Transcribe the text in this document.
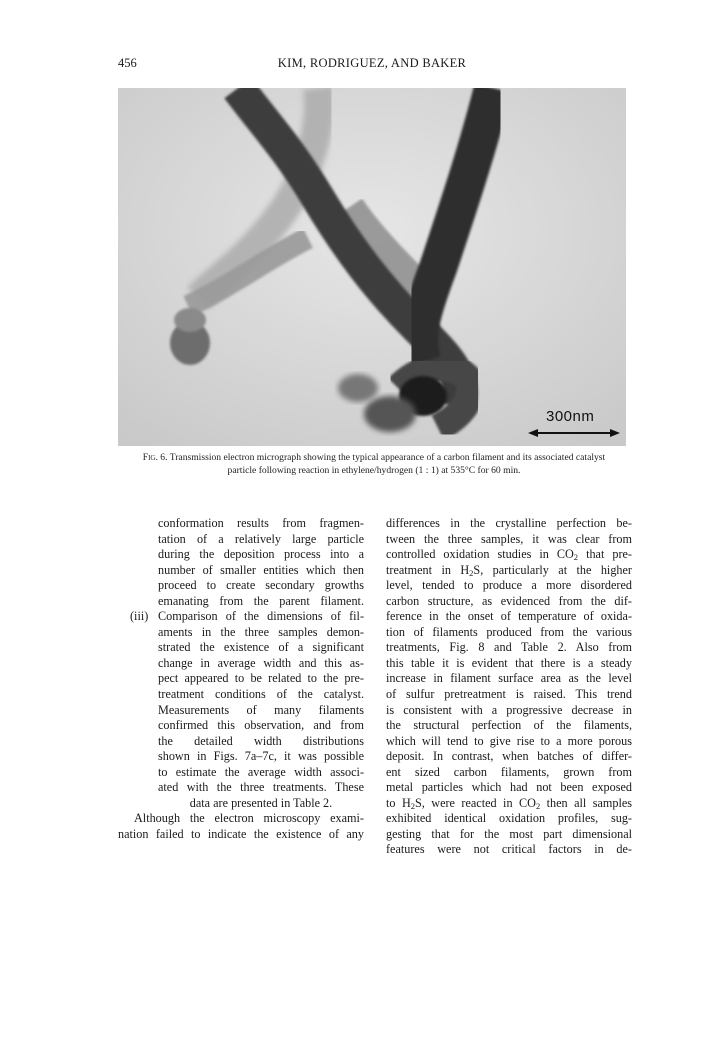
456	KIM, RODRIGUEZ, AND BAKER
300nm
Fig. 6. Transmission electron micrograph showing the typical appearance of a carbon filament and its associated catalyst particle following reaction in ethylene/hydrogen (1 : 1) at 535°C for 60 min.
conformation results from fragmen-
tation of a relatively large particle
during the deposition process into a
number of smaller entities which then
proceed to create secondary growths
emanating from the parent filament.
(iii) Comparison of the dimensions of fil-
aments in the three samples demon-
strated the existence of a significant
change in average width and this as-
pect appeared to be related to the pre-
treatment conditions of the catalyst.
Measurements of many filaments
confirmed this observation, and from
the detailed width distributions
shown in Figs. 7a–7c, it was possible
to estimate the average width associ-
ated with the three treatments. These
data are presented in Table 2.
Although the electron microscopy exami-
nation failed to indicate the existence of any
differences in the crystalline perfection be-
tween the three samples, it was clear from
controlled oxidation studies in $CO_2$ that pre-
treatment in $H_2S$, particularly at the higher
level, tended to produce a more disordered
carbon structure, as evidenced from the dif-
ference in the onset of temperature of oxida-
tion of filaments produced from the various
treatments, Fig. 8 and Table 2. Also from
this table it is evident that there is a steady
increase in filament surface area as the level
of sulfur pretreatment is raised. This trend
is consistent with a progressive decrease in
the structural perfection of the filaments,
which will tend to give rise to a more porous
deposit. In contrast, when batches of differ-
ent sized carbon filaments, grown from
metal particles which had not been exposed
to $H_2S$, were reacted in $CO_2$ then all samples
exhibited identical oxidation profiles, sug-
gesting that for the most part dimensional
features were not critical factors in de-
